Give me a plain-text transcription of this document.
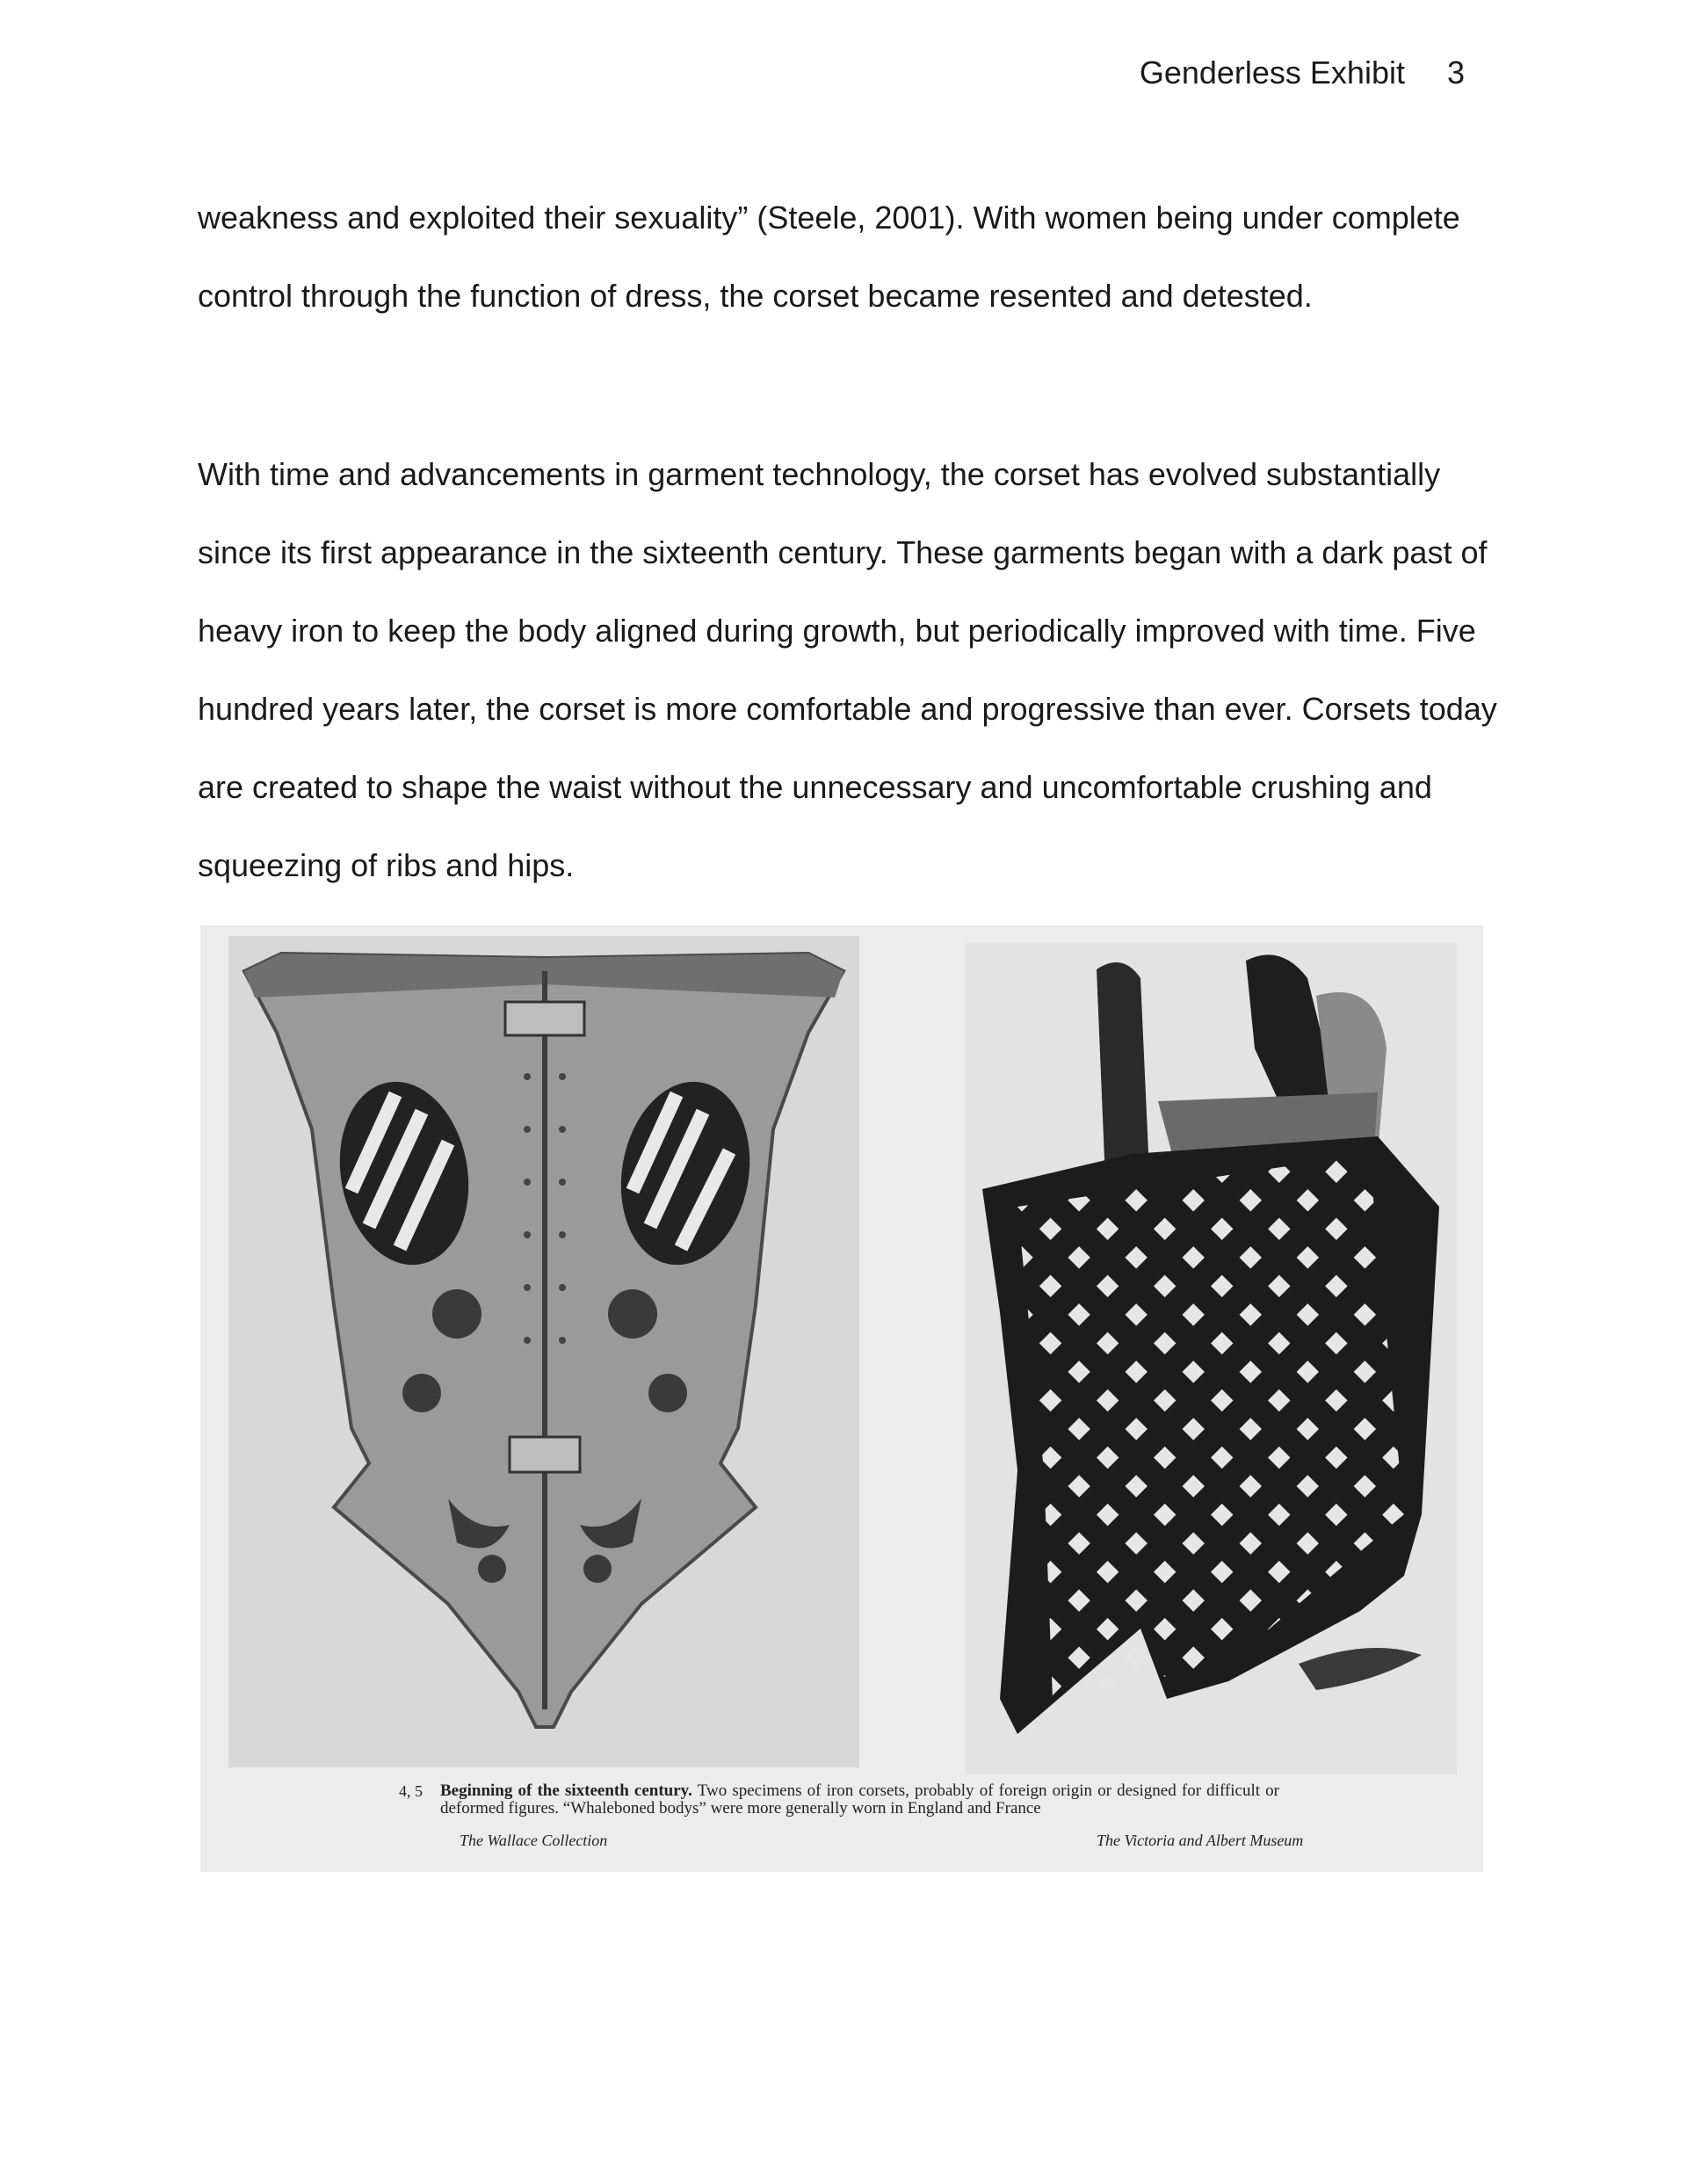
Genderless Exhibit 3

weakness and exploited their sexuality” (Steele, 2001). With women being under complete control through the function of dress, the corset became resented and detested.

With time and advancements in garment technology, the corset has evolved substantially since its first appearance in the sixteenth century. These garments began with a dark past of heavy iron to keep the body aligned during growth, but periodically improved with time. Five hundred years later, the corset is more comfortable and progressive than ever. Corsets today are created to shape the waist without the unnecessary and uncomfortable crushing and squeezing of ribs and hips.

4, 5 Beginning of the sixteenth century. Two specimens of iron corsets, probably of foreign origin or designed for difficult or deformed figures. “Whaleboned bodys” were more generally worn in England and France
The Wallace Collection	The Victoria and Albert Museum
